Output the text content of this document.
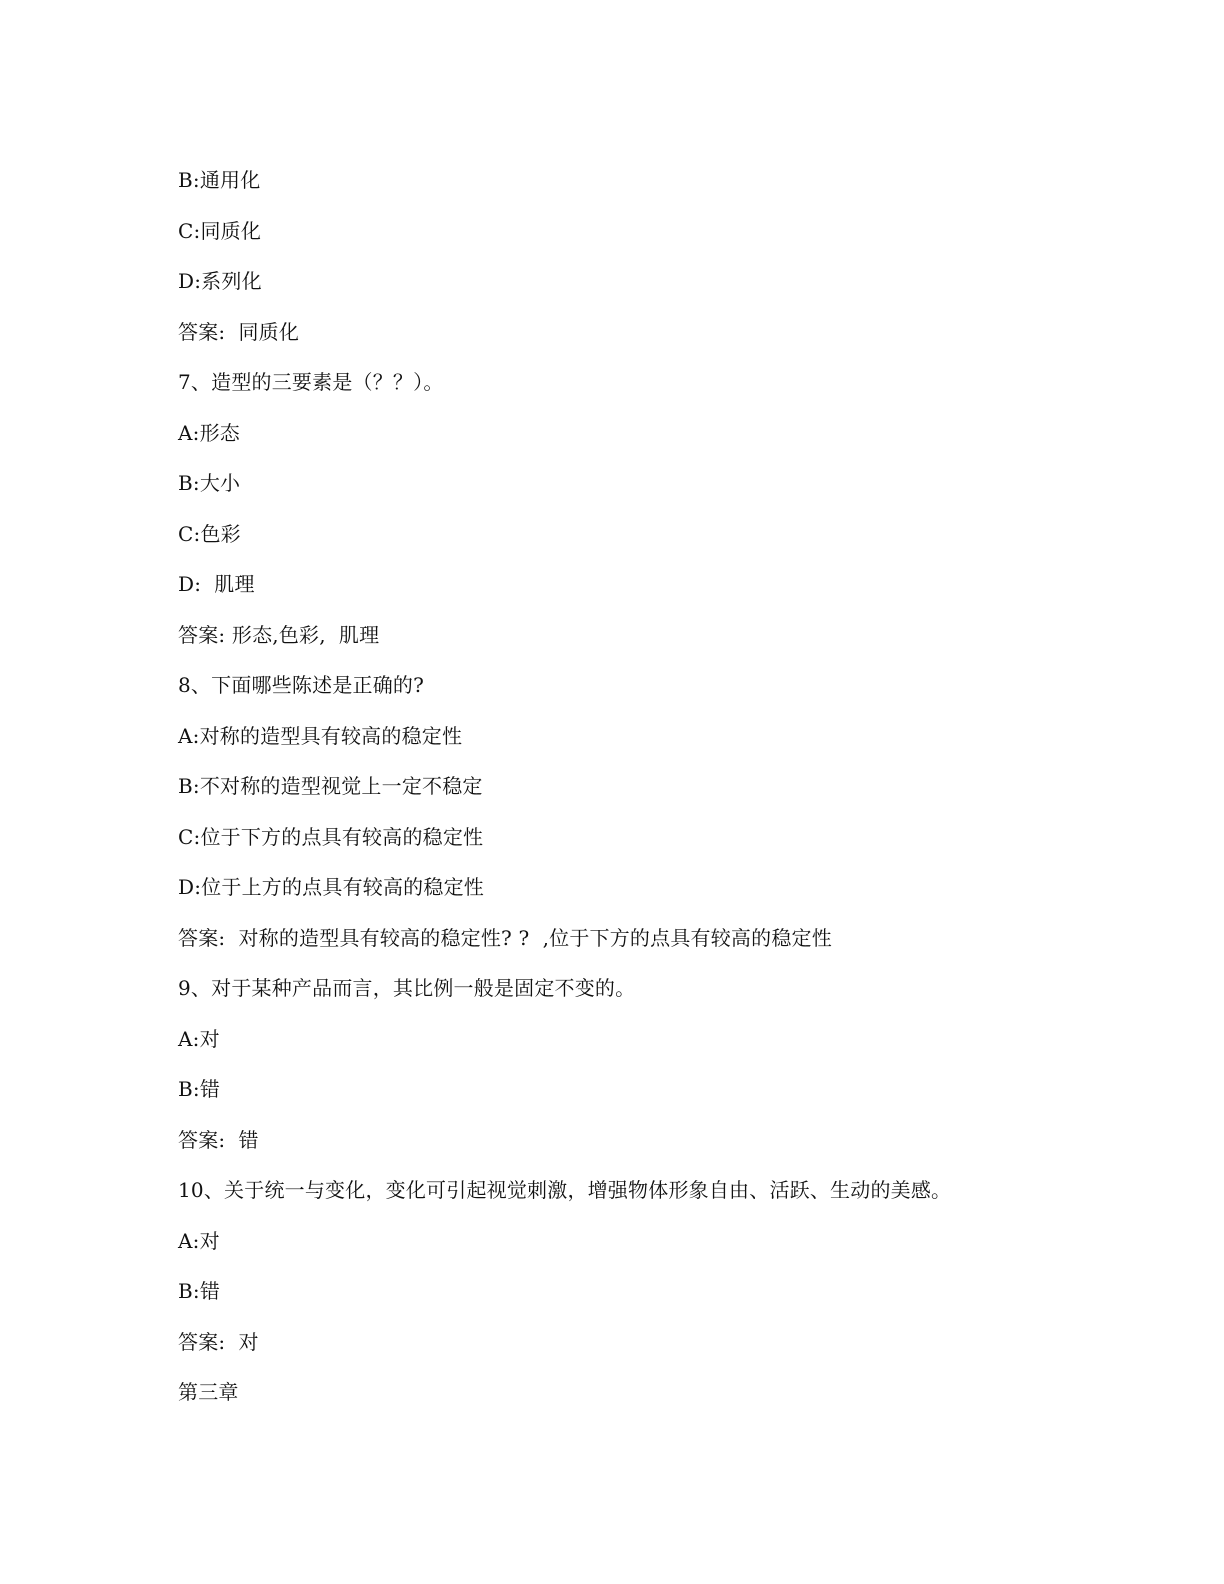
B:通用化
C:同质化
D:系列化
答案:  同质化
7、造型的三要素是（？？）。
A:形态
B:大小
C:色彩
D:  肌理
答案: 形态,色彩,  肌理
8、下面哪些陈述是正确的?
A:对称的造型具有较高的稳定性
B:不对称的造型视觉上一定不稳定
C:位于下方的点具有较高的稳定性
D:位于上方的点具有较高的稳定性
答案:  对称的造型具有较高的稳定性? ?  ,位于下方的点具有较高的稳定性
9、对于某种产品而言，其比例一般是固定不变的。
A:对
B:错
答案:  错
10、关于统一与变化，变化可引起视觉刺激，增强物体形象自由、活跃、生动的美感。
A:对
B:错
答案:  对
第三章
